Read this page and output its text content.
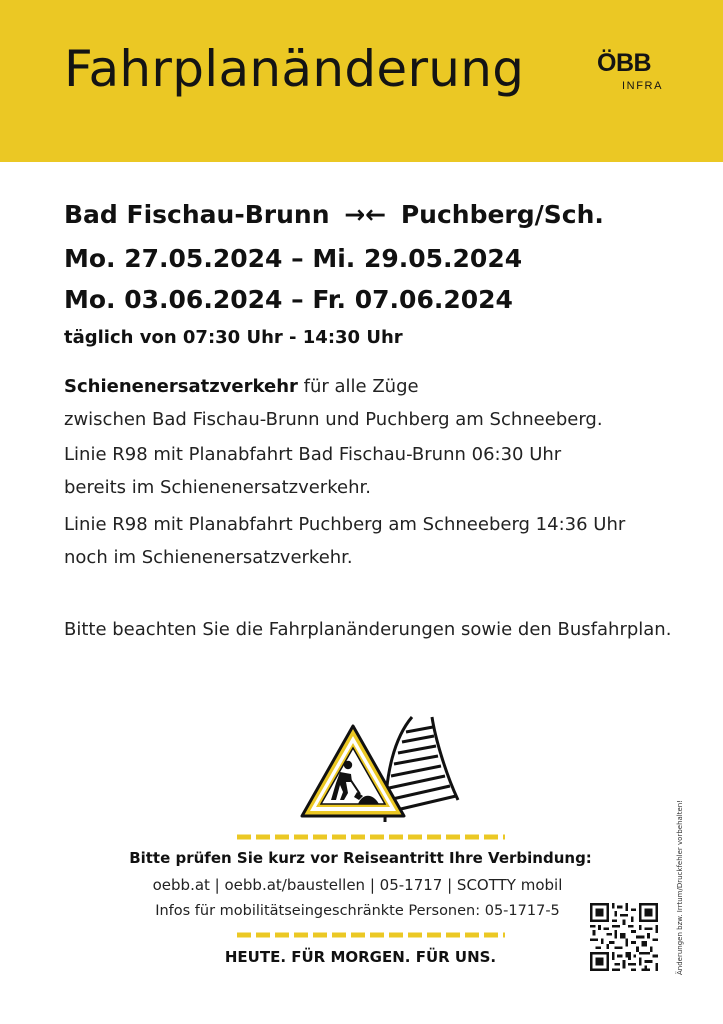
Fahrplanänderung	ÖBB
INFRA
Bad Fischau-Brunn →← Puchberg/Sch.
Mo. 27.05.2024 – Mi. 29.05.2024
Mo. 03.06.2024 – Fr. 07.06.2024
täglich von 07:30 Uhr - 14:30 Uhr
Schienenersatzverkehr für alle Züge
zwischen Bad Fischau-Brunn und Puchberg am Schneeberg.
Linie R98 mit Planabfahrt Bad Fischau-Brunn 06:30 Uhr
bereits im Schienenersatzverkehr.
Linie R98 mit Planabfahrt Puchberg am Schneeberg 14:36 Uhr
noch im Schienenersatzverkehr.
Bitte beachten Sie die Fahrplanänderungen sowie den Busfahrplan.
Bitte prüfen Sie kurz vor Reiseantritt Ihre Verbindung:
oebb.at | oebb.at/baustellen | 05-1717 | SCOTTY mobil
Infos für mobilitätseingeschränkte Personen: 05-1717-5
HEUTE. FÜR MORGEN. FÜR UNS.	Änderungen bzw. Irrtum/Druckfehler vorbehalten!
